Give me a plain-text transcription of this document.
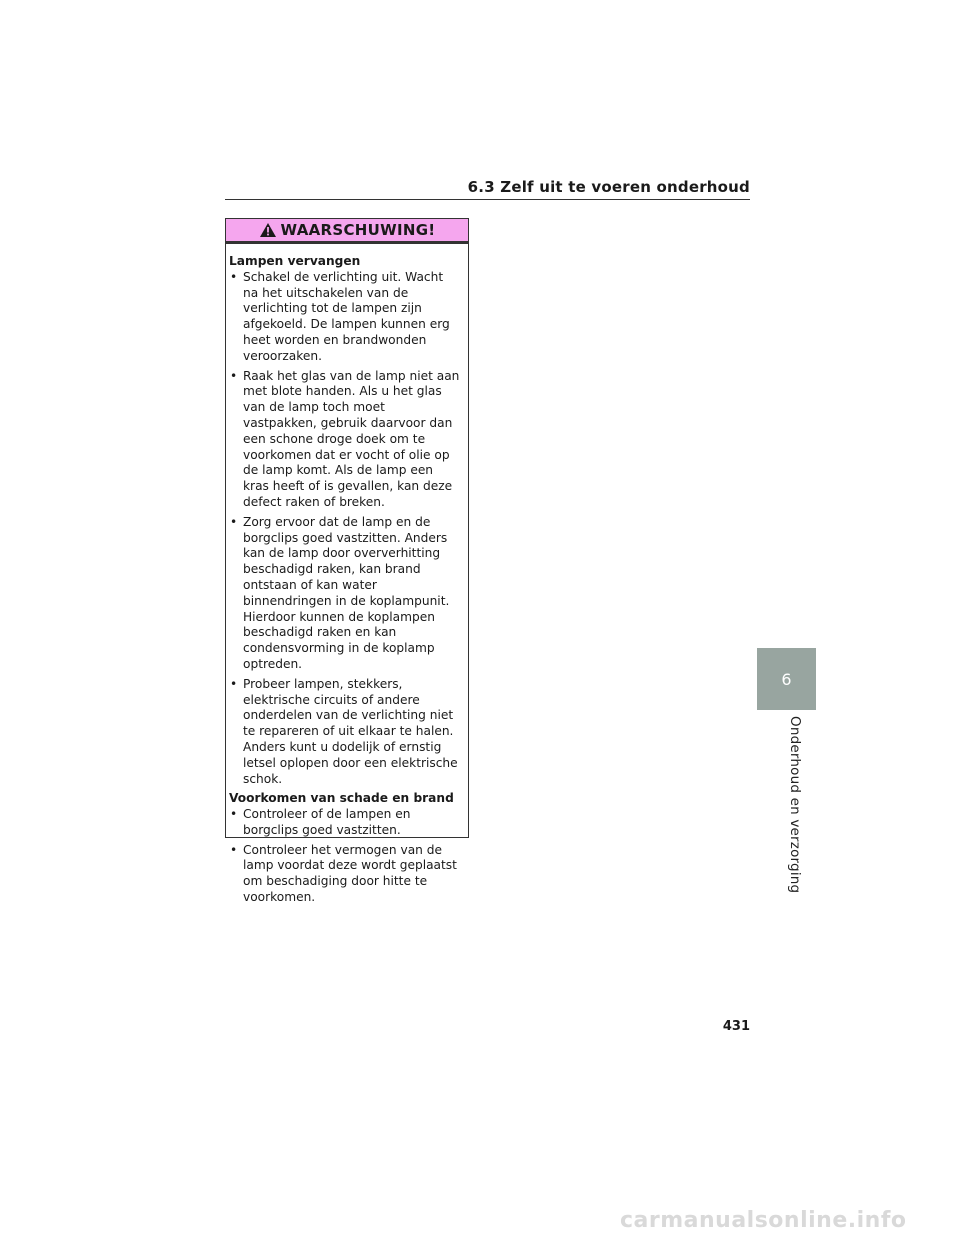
6.3 Zelf uit te voeren onderhoud
WAARSCHUWING!

Lampen vervangen

• Schakel de verlichting uit. Wacht na het uitschakelen van de verlichting tot de lampen zijn afgekoeld. De lampen kunnen erg heet worden en brandwonden veroorzaken.
• Raak het glas van de lamp niet aan met blote handen. Als u het glas van de lamp toch moet vastpakken, gebruik daarvoor dan een schone droge doek om te voorkomen dat er vocht of olie op de lamp komt. Als de lamp een kras heeft of is gevallen, kan deze defect raken of breken.
• Zorg ervoor dat de lamp en de borgclips goed vastzitten. Anders kan de lamp door oververhitting beschadigd raken, kan brand ontstaan of kan water binnendringen in de koplampunit. Hierdoor kunnen de koplampen beschadigd raken en kan condensvorming in de koplamp optreden.
• Probeer lampen, stekkers, elektrische circuits of andere onderdelen van de verlichting niet te repareren of uit elkaar te halen. Anders kunt u dodelijk of ernstig letsel oplopen door een elektrische schok.

Voorkomen van schade en brand

• Controleer of de lampen en borgclips goed vastzitten.
• Controleer het vermogen van de lamp voordat deze wordt geplaatst om beschadiging door hitte te voorkomen.
6
Onderhoud en verzorging
431
carmanualsonline.info
